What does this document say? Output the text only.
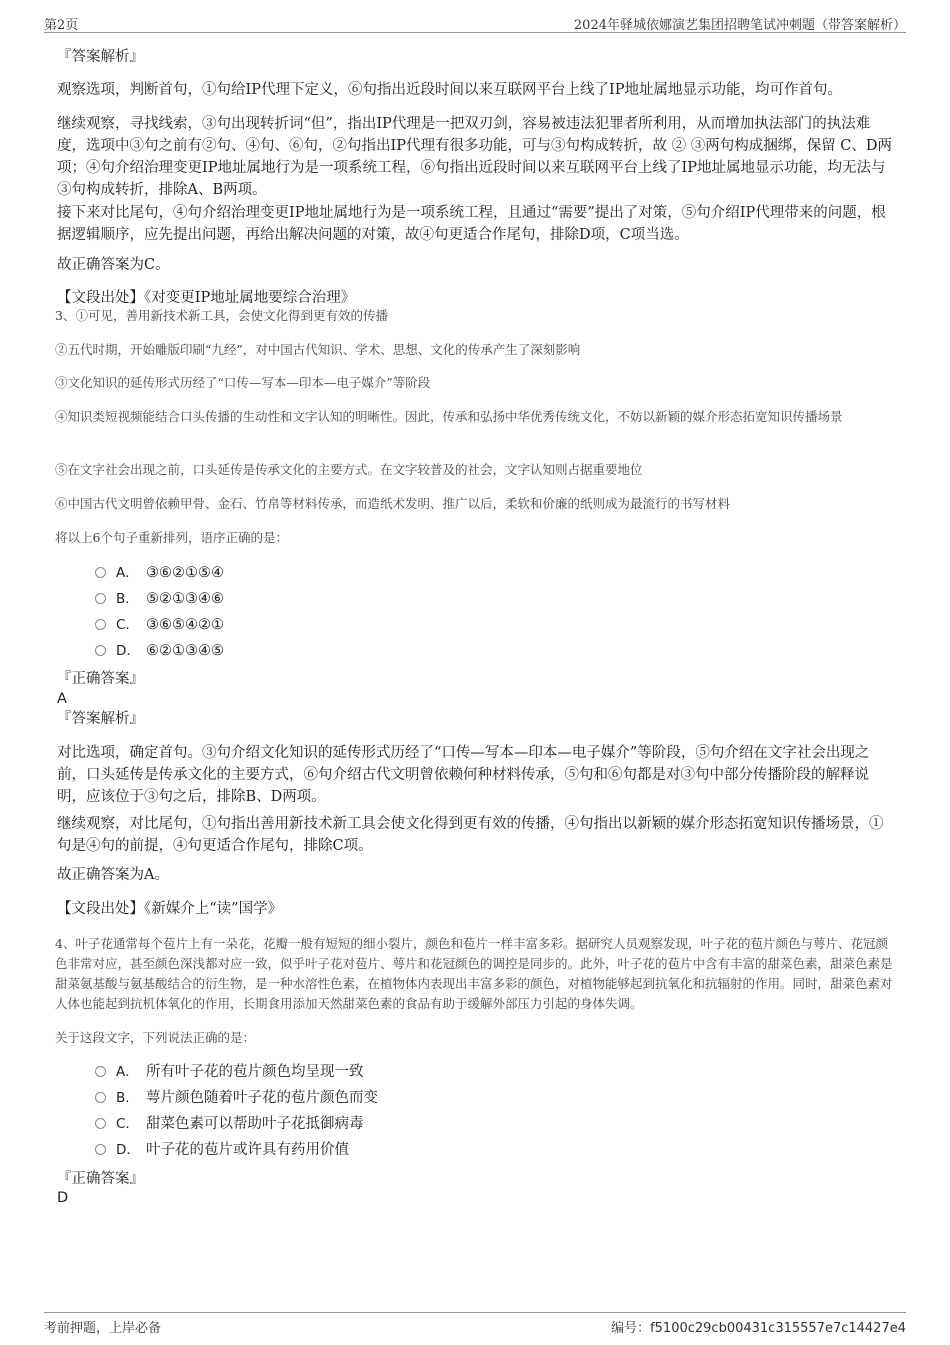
第2页	2024年驿城依娜演艺集团招聘笔试冲刺题（带答案解析）
『答案解析』

观察选项，判断首句，①句给IP代理下定义，⑥句指出近段时间以来互联网平台上线了IP地址属地显示功能，均可作首句。

继续观察，寻找线索，③句出现转折词“但”，指出IP代理是一把双刃剑，容易被违法犯罪者所利用，从而增加执法部门的执法难度，选项中③句之前有②句、④句、⑥句，②句指出IP代理有很多功能，可与③句构成转折，故 ② ③两句构成捆绑，保留 C、D两项；④句介绍治理变更IP地址属地行为是一项系统工程，⑥句指出近段时间以来互联网平台上线了IP地址属地显示功能，均无法与③句构成转折，排除A、B两项。

接下来对比尾句，④句介绍治理变更IP地址属地行为是一项系统工程，且通过“需要”提出了对策，⑤句介绍IP代理带来的问题，根据逻辑顺序，应先提出问题，再给出解决问题的对策，故④句更适合作尾句，排除D项，C项当选。

故正确答案为C。

【文段出处】《对变更IP地址属地要综合治理》

3、①可见，善用新技术新工具，会使文化得到更有效的传播

②五代时期，开始雕版印刷“九经”，对中国古代知识、学术、思想、文化的传承产生了深刻影响

③文化知识的延传形式历经了“口传—写本—印本—电子媒介”等阶段

④知识类短视频能结合口头传播的生动性和文字认知的明晰性。因此，传承和弘扬中华优秀传统文化，不妨以新颖的媒介形态拓宽知识传播场景

⑤在文字社会出现之前，口头延传是传承文化的主要方式。在文字较普及的社会，文字认知则占据重要地位

⑥中国古代文明曾依赖甲骨、金石、竹帛等材料传承，而造纸术发明、推广以后，柔软和价廉的纸则成为最流行的书写材料

将以上6个句子重新排列，语序正确的是：

A． ③⑥②①⑤④
B. ⑤②①③④⑥
C. ③⑥⑤④②①
D. ⑥②①③④⑤
『正确答案』
A
『答案解析』

对比选项，确定首句。③句介绍文化知识的延传形式历经了“口传—写本—印本—电子媒介”等阶段，⑤句介绍在文字社会出现之前，口头延传是传承文化的主要方式，⑥句介绍古代文明曾依赖何种材料传承，⑤句和⑥句都是对③句中部分传播阶段的解释说明，应该位于③句之后，排除B、D两项。

继续观察，对比尾句，①句指出善用新技术新工具会使文化得到更有效的传播，④句指出以新颖的媒介形态拓宽知识传播场景，①句是④句的前提，④句更适合作尾句，排除C项。

故正确答案为A。

【文段出处】《新媒介上“读”国学》

4、叶子花通常每个苞片上有一朵花，花瓣一般有短短的细小裂片，颜色和苞片一样丰富多彩。据研究人员观察发现，叶子花的苞片颜色与萼片、花冠颜色非常对应，甚至颜色深浅都对应一致，似乎叶子花对苞片、萼片和花冠颜色的调控是同步的。此外，叶子花的苞片中含有丰富的甜菜色素，甜菜色素是甜菜氨基酸与氨基酸结合的衍生物，是一种水溶性色素，在植物体内表现出丰富多彩的颜色，对植物能够起到抗氧化和抗辐射的作用。同时，甜菜色素对人体也能起到抗机体氧化的作用，长期食用添加天然甜菜色素的食品有助于缓解外部压力引起的身体失调。

关于这段文字，下列说法正确的是：

A． 所有叶子花的苞片颜色均呈现一致
B. 萼片颜色随着叶子花的苞片颜色而变
C. 甜菜色素可以帮助叶子花抵御病毒
D. 叶子花的苞片或许具有药用价值
『正确答案』
D
考前押题，上岸必备	编号：f5100c29cb00431c315557e7c14427e4
